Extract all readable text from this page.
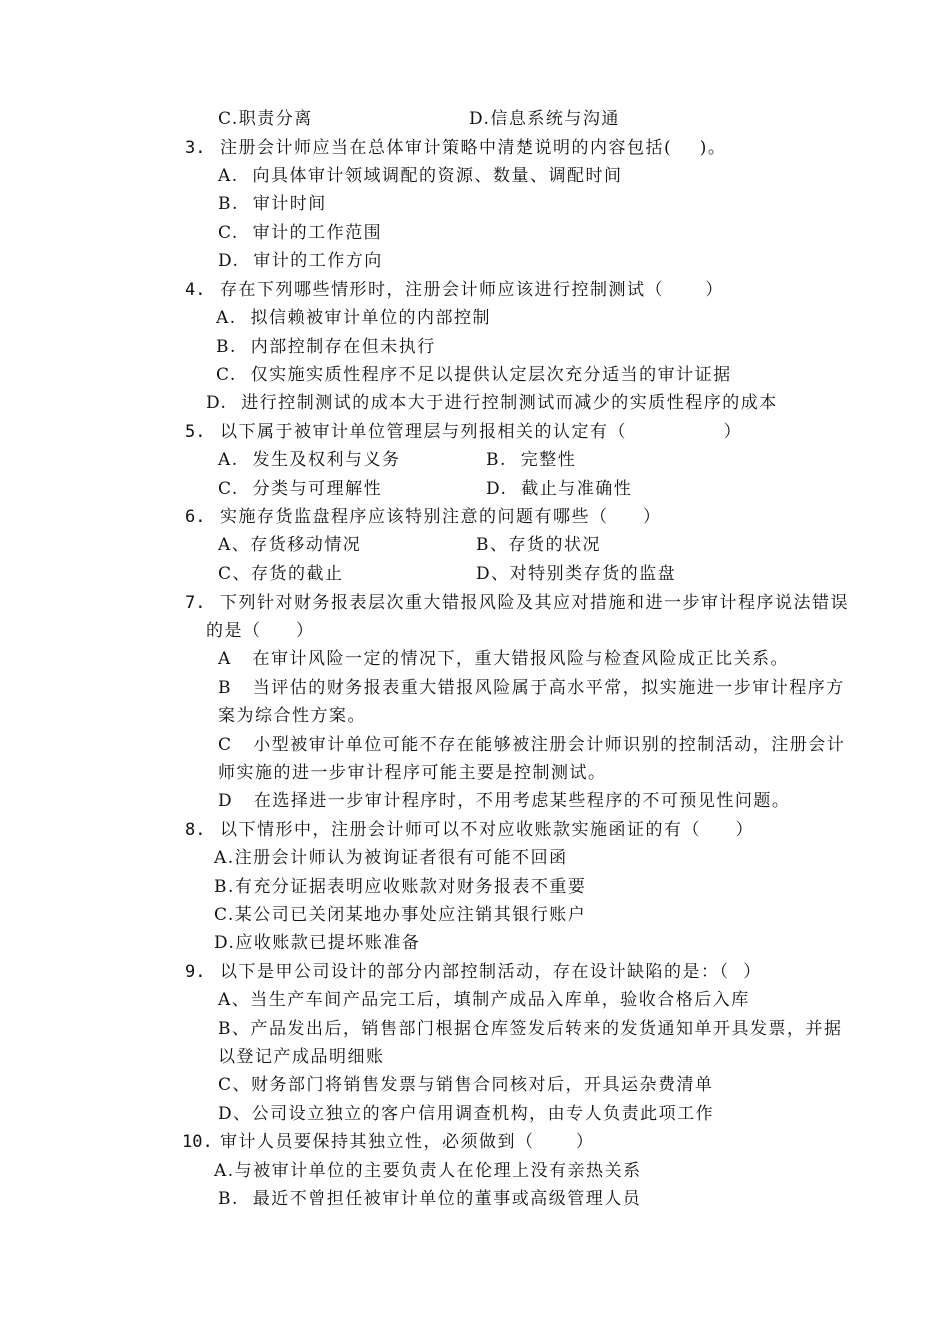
C.职责分离	D.信息系统与沟通
3. 注册会计师应当在总体审计策略中清楚说明的内容包括(    )。
A.  向具体审计领域调配的资源、数量、调配时间
B.  审计时间
C.  审计的工作范围
D.  审计的工作方向
4. 存在下列哪些情形时，注册会计师应该进行控制测试（      ）
A.  拟信赖被审计单位的内部控制
B.  内部控制存在但未执行
C.  仅实施实质性程序不足以提供认定层次充分适当的审计证据
D.  进行控制测试的成本大于进行控制测试而减少的实质性程序的成本
5. 以下属于被审计单位管理层与列报相关的认定有（              ）
A.  发生及权利与义务	B.  完整性
C.  分类与可理解性	D.  截止与准确性
6. 实施存货监盘程序应该特别注意的问题有哪些（     ）
A、存货移动情况	B、存货的状况
C、存货的截止	D、对特别类存货的监盘
7. 下列针对财务报表层次重大错报风险及其应对措施和进一步审计程序说法错误
的是（     ）
A   在审计风险一定的情况下，重大错报风险与检查风险成正比关系。
B   当评估的财务报表重大错报风险属于高水平常，拟实施进一步审计程序方
案为综合性方案。
C   小型被审计单位可能不存在能够被注册会计师识别的控制活动，注册会计
师实施的进一步审计程序可能主要是控制测试。
D   在选择进一步审计程序时，不用考虑某些程序的不可预见性问题。
8. 以下情形中，注册会计师可以不对应收账款实施函证的有（     ）
A.注册会计师认为被询证者很有可能不回函
B.有充分证据表明应收账款对财务报表不重要
C.某公司已关闭某地办事处应注销其银行账户
D.应收账款已提坏账准备
9. 以下是甲公司设计的部分内部控制活动，存在设计缺陷的是：（  ）
A、当生产车间产品完工后，填制产成品入库单，验收合格后入库
B、产品发出后，销售部门根据仓库签发后转来的发货通知单开具发票，并据
以登记产成品明细账
C、财务部门将销售发票与销售合同核对后，开具运杂费清单
D、公司设立独立的客户信用调查机构，由专人负责此项工作
10. 审计人员要保持其独立性，必须做到（      ）
A.与被审计单位的主要负责人在伦理上没有亲热关系
B.  最近不曾担任被审计单位的董事或高级管理人员
